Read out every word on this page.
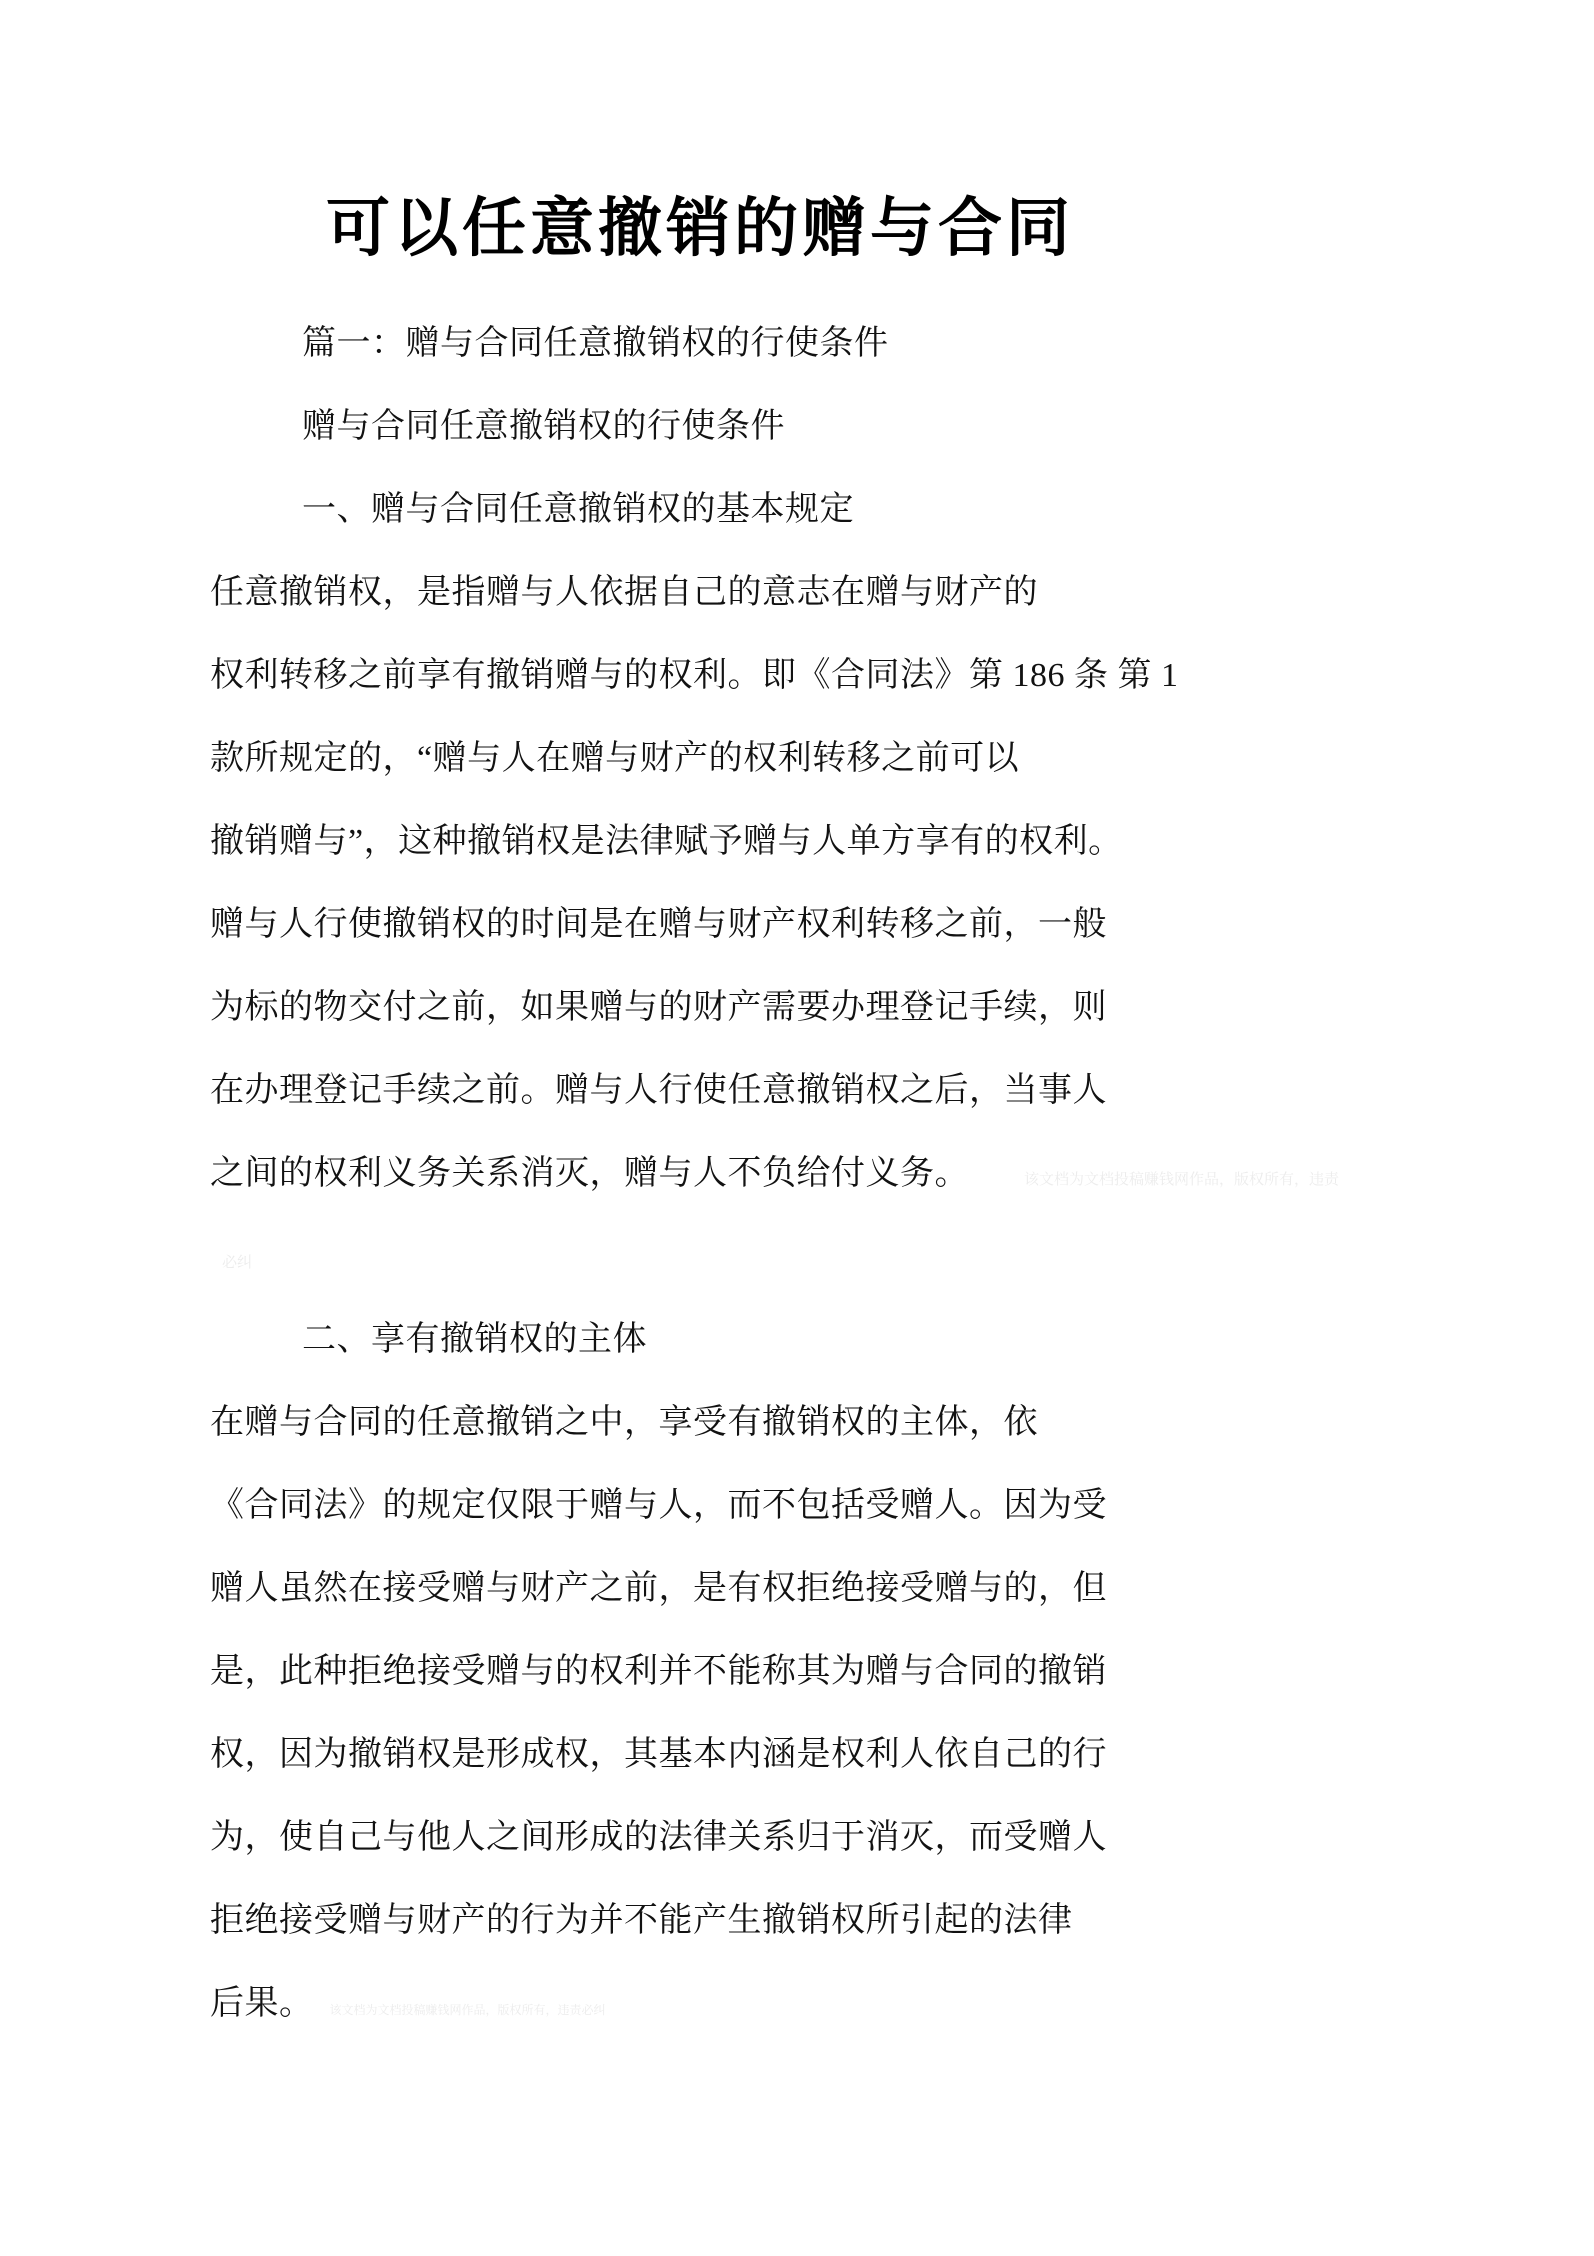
可以任意撤销的赠与合同
篇一：赠与合同任意撤销权的行使条件
赠与合同任意撤销权的行使条件
一、赠与合同任意撤销权的基本规定
任意撤销权，是指赠与人依据自己的意志在赠与财产的
权利转移之前享有撤销赠与的权利。即《合同法》第 186 条 第 1
款所规定的，“赠与人在赠与财产的权利转移之前可以
撤销赠与”，这种撤销权是法律赋予赠与人单方享有的权利。
赠与人行使撤销权的时间是在赠与财产权利转移之前，一般
为标的物交付之前，如果赠与的财产需要办理登记手续，则
在办理登记手续之前。赠与人行使任意撤销权之后，当事人
之间的权利义务关系消灭，赠与人不负给付义务。	该文档为文档投稿赚钱网作品，版权所有，违责
必纠
二、享有撤销权的主体
在赠与合同的任意撤销之中，享受有撤销权的主体，依
《合同法》的规定仅限于赠与人，而不包括受赠人。因为受
赠人虽然在接受赠与财产之前，是有权拒绝接受赠与的，但
是，此种拒绝接受赠与的权利并不能称其为赠与合同的撤销
权，因为撤销权是形成权，其基本内涵是权利人依自己的行
为，使自己与他人之间形成的法律关系归于消灭，而受赠人
拒绝接受赠与财产的行为并不能产生撤销权所引起的法律
后果。 该文档为文档投稿赚钱网作品，版权所有，违责必纠
